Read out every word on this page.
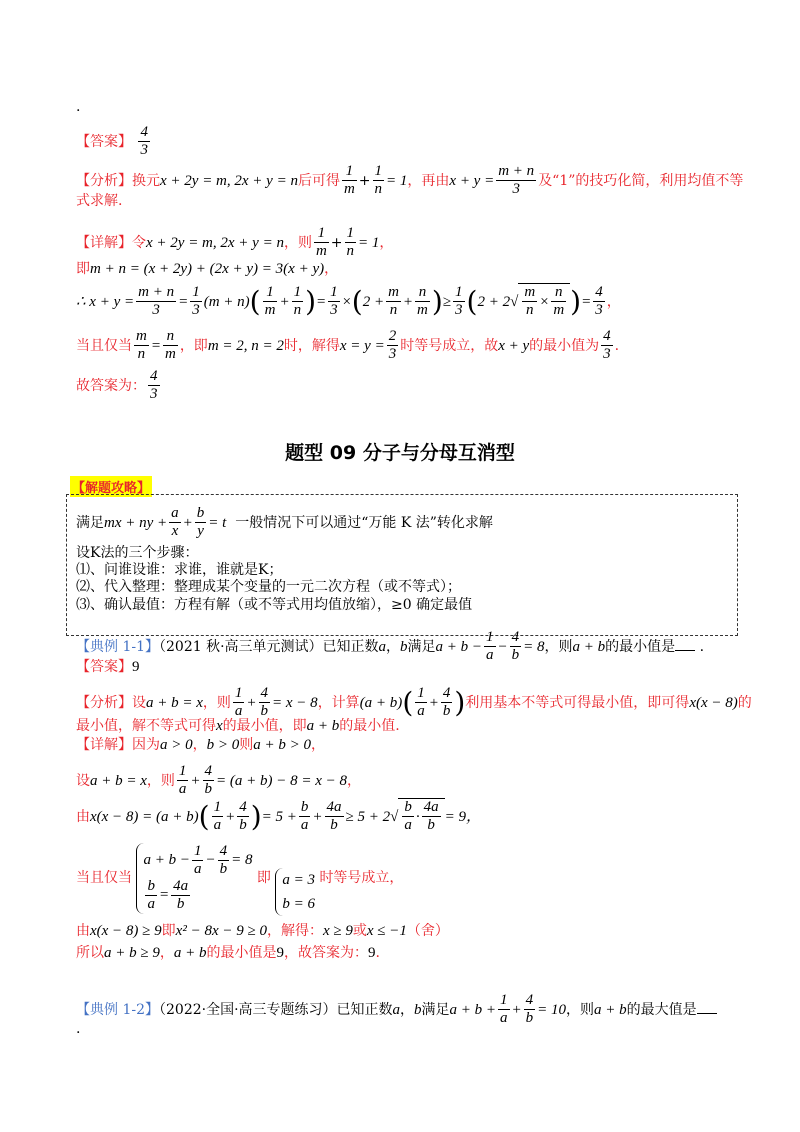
.
【答案】 $\frac{4}{3}$
【分析】换元x + 2y = m, 2x + y = n后可得 $\frac{1}{m} + \frac{1}{n} = 1$，再由$x + y = \frac{m + n}{3}$ 及“1”的技巧化简，利用均值不等
式求解.
【详解】令x + 2y = m, 2x + y = n，则 $\frac{1}{m} + \frac{1}{n} = 1$，
即m + n = (x + 2y) + (2x + y) = 3(x + y)，
∴ $x + y = \frac{m + n}{3} = \frac{1}{3} (m + n)( \frac{1}{m} + \frac{1}{n}$ )= $\frac{1}{3} \times(2 + \frac{m}{n} + \frac{n}{m}$ )≥ $\frac{1}{3} (2 + 2√ \frac{m}{n} \times \frac{n}{m}$ )= $\frac{4}{3}$ ，
当且仅当 $\frac{m}{n} = \frac{n}{m}$ ，即m = 2, n = 2时，解得$x = y = \frac{2}{3}$ 时等号成立，故x + y的最小值为 $\frac{4}{3}$ .
故答案为： $\frac{4}{3}$
题型 09 分子与分母互消型
【解题攻略】
满足mx + ny + $\frac{a}{x} + \frac{b}{y} = t$ 一般情况下可以通过“万能 K 法”转化求解
设K法的三个步骤：
⑴、问谁设谁：求谁，谁就是K；
⑵、代入整理：整理成某个变量的一元二次方程（或不等式）；
⑶、确认最值：方程有解（或不等式用均值放缩），≥0 确定最值
【典例 1-1】（2021 秋·高三单元测试）已知正数a，b满足$a + b - \frac{1}{a} - \frac{4}{b} = 8$，则a + b的最小值是 .
【答案】9
【分析】设a + b = x，则 $\frac{1}{a} + \frac{4}{b} = x - 8$，计算$(a + b)( \frac{1}{a} + \frac{4}{b}$ )利用基本不等式可得最小值，即可得x(x − 8)的
最小值，解不等式可得x的最小值，即a + b的最小值.
【详解】因为a > 0，b > 0则a + b > 0，
设a + b = x，则 $\frac{1}{a} + \frac{4}{b} = (a + b) - 8 = x - 8$，
由$x(x - 8) = (a + b)( \frac{1}{a} + \frac{4}{b}$ )= $5 + \frac{b}{a} + \frac{4a}{b} \ge 5 + 2√ \frac{b}{a} \cdot \frac{4a}{b} = 9$，
当且仅当
$a + b - \frac{1}{a} - \frac{4}{b} = 8$
$\frac{b}{a} = \frac{4a}{b}$	即 a = 3
b = 6
时等号成立，
由x(x − 8) ≥ 9即x² − 8x − 9 ≥ 0，解得：x ≥ 9或x ≤ −1（舍）
所以a + b ≥ 9，a + b的最小值是9，故答案为：9.
【典例 1-2】（2022·全国·高三专题练习）已知正数a，b满足$a + b + \frac{1}{a} + \frac{4}{b} = 10$，则a + b的最大值是
.
